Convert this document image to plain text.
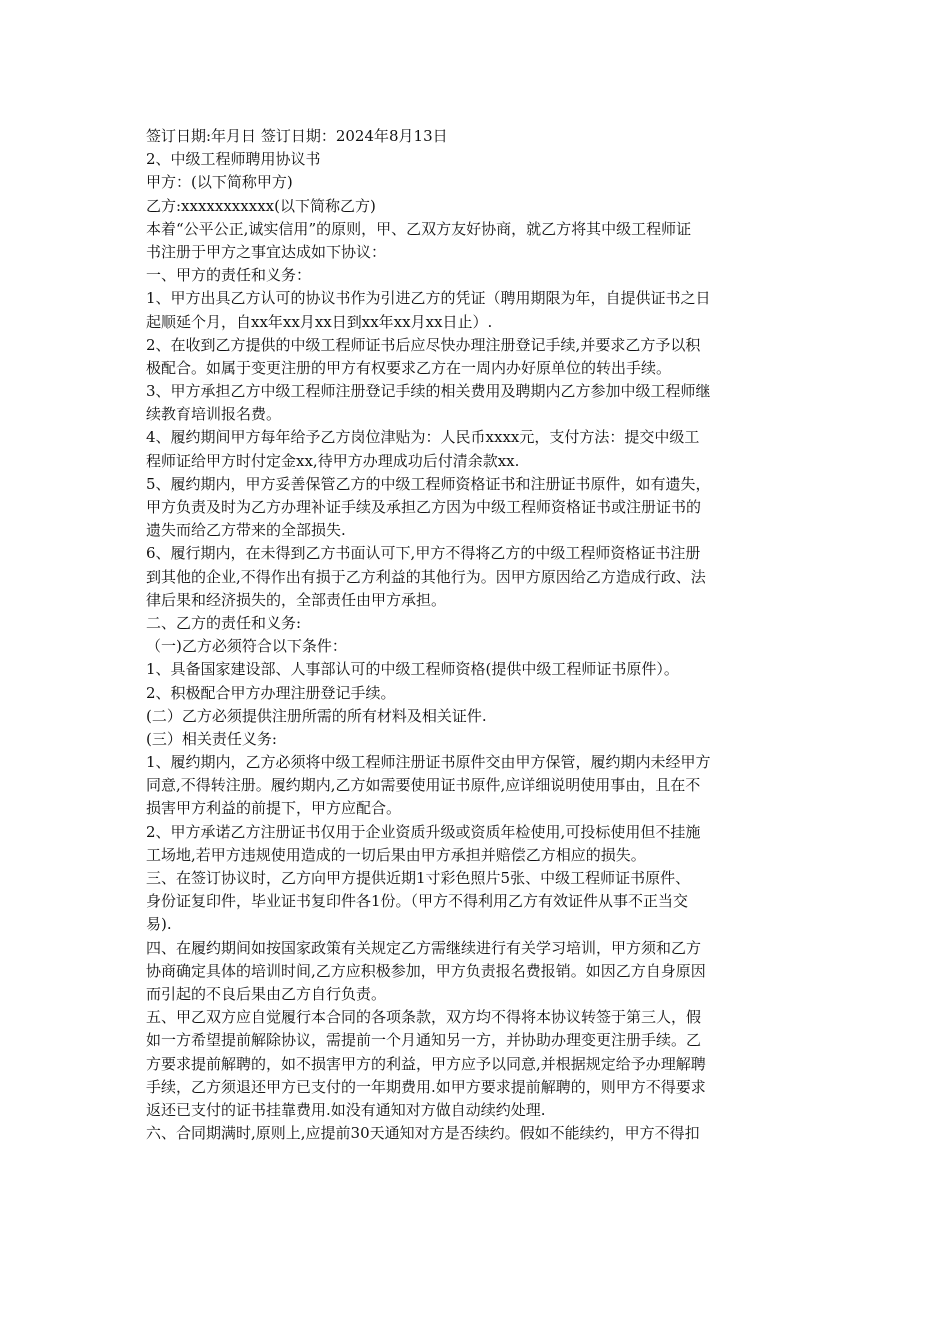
签订日期:年月日 签订日期：2024年8月13日
2、中级工程师聘用协议书
甲方：(以下简称甲方)
乙方:xxxxxxxxxxx(以下简称乙方)
本着“公平公正,诚实信用”的原则，甲、乙双方友好协商，就乙方将其中级工程师证
书注册于甲方之事宜达成如下协议：
一、甲方的责任和义务：
1、甲方出具乙方认可的协议书作为引进乙方的凭证（聘用期限为年，自提供证书之日
起顺延个月，自xx年xx月xx日到xx年xx月xx日止）.
2、在收到乙方提供的中级工程师证书后应尽快办理注册登记手续,并要求乙方予以积
极配合。如属于变更注册的甲方有权要求乙方在一周内办好原单位的转出手续。
3、甲方承担乙方中级工程师注册登记手续的相关费用及聘期内乙方参加中级工程师继
续教育培训报名费。
4、履约期间甲方每年给予乙方岗位津贴为：人民币xxxx元，支付方法：提交中级工
程师证给甲方时付定金xx,待甲方办理成功后付清余款xx.
5、履约期内，甲方妥善保管乙方的中级工程师资格证书和注册证书原件，如有遗失，
甲方负责及时为乙方办理补证手续及承担乙方因为中级工程师资格证书或注册证书的
遗失而给乙方带来的全部损失.
6、履行期内，在未得到乙方书面认可下,甲方不得将乙方的中级工程师资格证书注册
到其他的企业,不得作出有损于乙方利益的其他行为。因甲方原因给乙方造成行政、法
律后果和经济损失的，全部责任由甲方承担。
二、乙方的责任和义务:
（一)乙方必须符合以下条件：
1、具备国家建设部、人事部认可的中级工程师资格(提供中级工程师证书原件）。
2、积极配合甲方办理注册登记手续。
(二）乙方必须提供注册所需的所有材料及相关证件.
(三）相关责任义务:
1、履约期内，乙方必须将中级工程师注册证书原件交由甲方保管，履约期内未经甲方
同意,不得转注册。履约期内,乙方如需要使用证书原件,应详细说明使用事由，且在不
损害甲方利益的前提下，甲方应配合。
2、甲方承诺乙方注册证书仅用于企业资质升级或资质年检使用,可投标使用但不挂施
工场地,若甲方违规使用造成的一切后果由甲方承担并赔偿乙方相应的损失。
三、在签订协议时，乙方向甲方提供近期1寸彩色照片5张、中级工程师证书原件、
身份证复印件，毕业证书复印件各1份。（甲方不得利用乙方有效证件从事不正当交
易).
四、在履约期间如按国家政策有关规定乙方需继续进行有关学习培训，甲方须和乙方
协商确定具体的培训时间,乙方应积极参加，甲方负责报名费报销。如因乙方自身原因
而引起的不良后果由乙方自行负责。
五、甲乙双方应自觉履行本合同的各项条款，双方均不得将本协议转签于第三人，假
如一方希望提前解除协议，需提前一个月通知另一方，并协助办理变更注册手续。乙
方要求提前解聘的，如不损害甲方的利益，甲方应予以同意,并根据规定给予办理解聘
手续，乙方须退还甲方已支付的一年期费用.如甲方要求提前解聘的，则甲方不得要求
返还已支付的证书挂靠费用.如没有通知对方做自动续约处理.
六、合同期满时,原则上,应提前30天通知对方是否续约。假如不能续约，甲方不得扣
